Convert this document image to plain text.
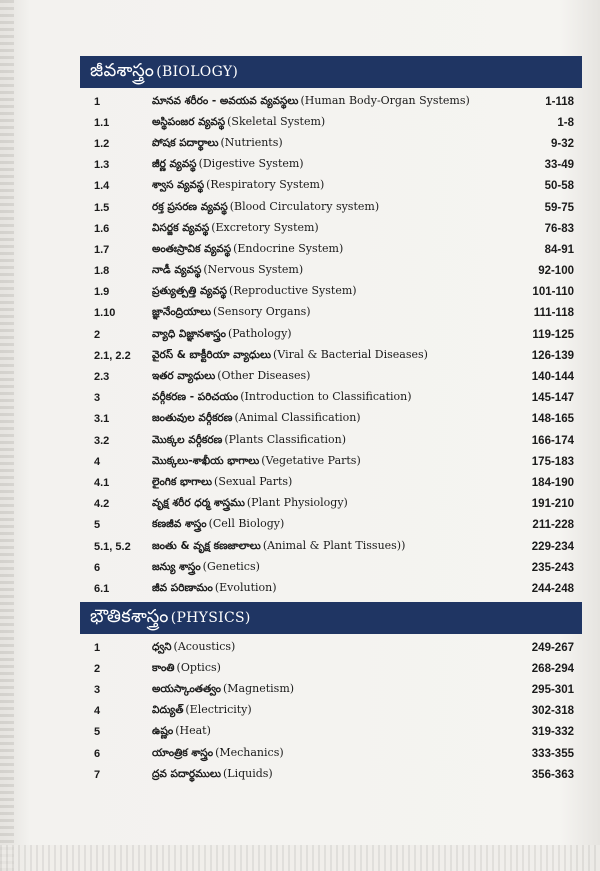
జీవశాస్త్రం (BIOLOGY)
1	మానవ శరీరం - అవయవ వ్యవస్థలు (Human Body-Organ Systems)	1-118
1.1	అస్థిపంజర వ్యవస్థ (Skeletal System)	1-8
1.2	పోషక పదార్థాలు (Nutrients)	9-32
1.3	జీర్ణ వ్యవస్థ (Digestive System)	33-49
1.4	శ్వాస వ్యవస్థ (Respiratory System)	50-58
1.5	రక్త ప్రసరణ వ్యవస్థ (Blood Circulatory system)	59-75
1.6	విసర్జక వ్యవస్థ (Excretory System)	76-83
1.7	అంతఃస్రావిక వ్యవస్థ (Endocrine System)	84-91
1.8	నాడీ వ్యవస్థ (Nervous System)	92-100
1.9	ప్రత్యుత్పత్తి వ్యవస్థ (Reproductive System)	101-110
1.10	జ్ఞానేంద్రియాలు (Sensory Organs)	111-118
2	వ్యాధి విజ్ఞానశాస్త్రం (Pathology)	119-125
2.1, 2.2	వైరస్ & బాక్టీరియా వ్యాధులు (Viral & Bacterial Diseases)	126-139
2.3	ఇతర వ్యాధులు (Other Diseases)	140-144
3	వర్గీకరణ - పరిచయం (Introduction to Classification)	145-147
3.1	జంతువుల వర్గీకరణ (Animal Classification)	148-165
3.2	మొక్కల వర్గీకరణ (Plants Classification)	166-174
4	మొక్కలు-శాఖీయ భాగాలు (Vegetative Parts)	175-183
4.1	లైంగిక భాగాలు (Sexual Parts)	184-190
4.2	వృక్ష శరీర ధర్మ శాస్త్రము (Plant Physiology)	191-210
5	కణజీవ శాస్త్రం (Cell Biology)	211-228
5.1, 5.2	జంతు & వృక్ష కణజాలాలు (Animal & Plant Tissues))	229-234
6	జన్యు శాస్త్రం (Genetics)	235-243
6.1	జీవ పరిణామం (Evolution)	244-248
భౌతికశాస్త్రం (PHYSICS)
1	ధ్వని (Acoustics)	249-267
2	కాంతి (Optics)	268-294
3	అయస్కాంతత్వం (Magnetism)	295-301
4	విద్యుత్ (Electricity)	302-318
5	ఉష్ణం (Heat)	319-332
6	యాంత్రిక శాస్త్రం (Mechanics)	333-355
7	ద్రవ పదార్థములు (Liquids)	356-363
